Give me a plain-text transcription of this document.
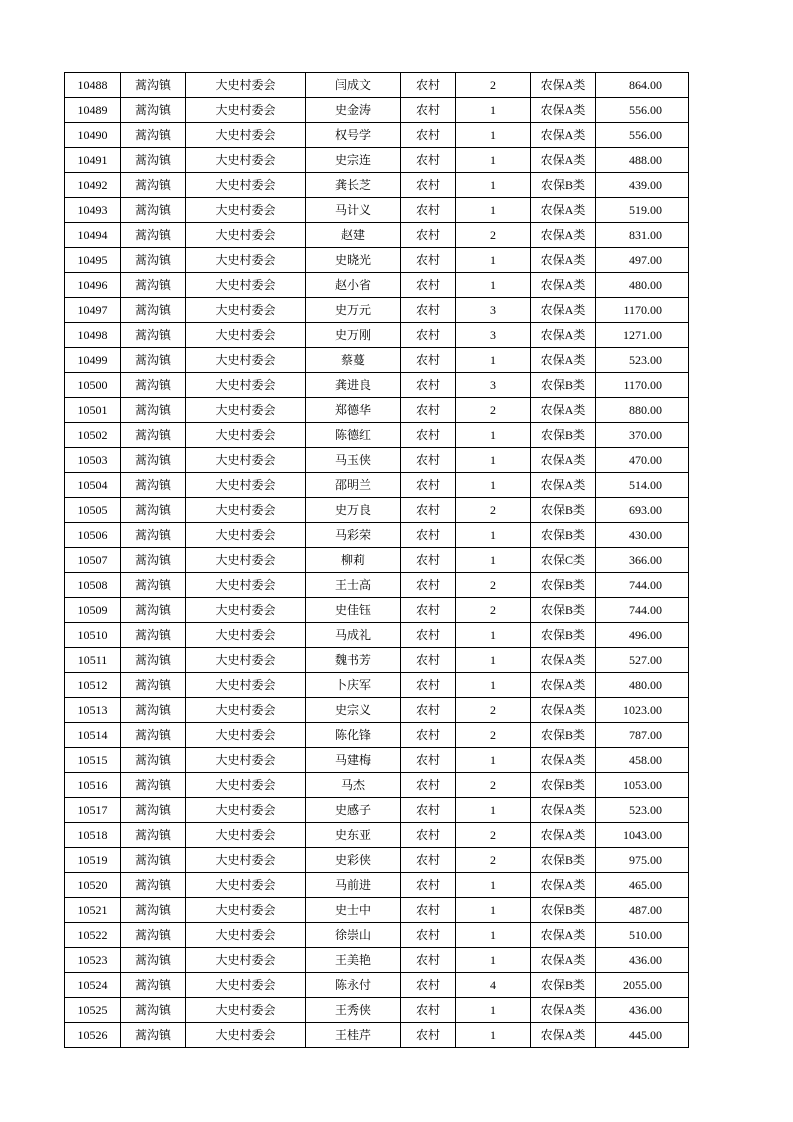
10488	蒿沟镇	大史村委会	闫成文	农村	2	农保A类	864.00
10489	蒿沟镇	大史村委会	史金涛	农村	1	农保A类	556.00
10490	蒿沟镇	大史村委会	权号学	农村	1	农保A类	556.00
10491	蒿沟镇	大史村委会	史宗连	农村	1	农保A类	488.00
10492	蒿沟镇	大史村委会	龚长芝	农村	1	农保B类	439.00
10493	蒿沟镇	大史村委会	马计义	农村	1	农保A类	519.00
10494	蒿沟镇	大史村委会	赵建	农村	2	农保A类	831.00
10495	蒿沟镇	大史村委会	史晓光	农村	1	农保A类	497.00
10496	蒿沟镇	大史村委会	赵小省	农村	1	农保A类	480.00
10497	蒿沟镇	大史村委会	史万元	农村	3	农保A类	1170.00
10498	蒿沟镇	大史村委会	史万刚	农村	3	农保A类	1271.00
10499	蒿沟镇	大史村委会	蔡蔓	农村	1	农保A类	523.00
10500	蒿沟镇	大史村委会	龚进良	农村	3	农保B类	1170.00
10501	蒿沟镇	大史村委会	郑德华	农村	2	农保A类	880.00
10502	蒿沟镇	大史村委会	陈德红	农村	1	农保B类	370.00
10503	蒿沟镇	大史村委会	马玉侠	农村	1	农保A类	470.00
10504	蒿沟镇	大史村委会	邵明兰	农村	1	农保A类	514.00
10505	蒿沟镇	大史村委会	史万良	农村	2	农保B类	693.00
10506	蒿沟镇	大史村委会	马彩荣	农村	1	农保B类	430.00
10507	蒿沟镇	大史村委会	柳莉	农村	1	农保C类	366.00
10508	蒿沟镇	大史村委会	王士高	农村	2	农保B类	744.00
10509	蒿沟镇	大史村委会	史佳钰	农村	2	农保B类	744.00
10510	蒿沟镇	大史村委会	马成礼	农村	1	农保B类	496.00
10511	蒿沟镇	大史村委会	魏书芳	农村	1	农保A类	527.00
10512	蒿沟镇	大史村委会	卜庆军	农村	1	农保A类	480.00
10513	蒿沟镇	大史村委会	史宗义	农村	2	农保A类	1023.00
10514	蒿沟镇	大史村委会	陈化锋	农村	2	农保B类	787.00
10515	蒿沟镇	大史村委会	马建梅	农村	1	农保A类	458.00
10516	蒿沟镇	大史村委会	马杰	农村	2	农保B类	1053.00
10517	蒿沟镇	大史村委会	史感子	农村	1	农保A类	523.00
10518	蒿沟镇	大史村委会	史东亚	农村	2	农保A类	1043.00
10519	蒿沟镇	大史村委会	史彩侠	农村	2	农保B类	975.00
10520	蒿沟镇	大史村委会	马前进	农村	1	农保A类	465.00
10521	蒿沟镇	大史村委会	史士中	农村	1	农保B类	487.00
10522	蒿沟镇	大史村委会	徐崇山	农村	1	农保A类	510.00
10523	蒿沟镇	大史村委会	王美艳	农村	1	农保A类	436.00
10524	蒿沟镇	大史村委会	陈永付	农村	4	农保B类	2055.00
10525	蒿沟镇	大史村委会	王秀侠	农村	1	农保A类	436.00
10526	蒿沟镇	大史村委会	王桂芹	农村	1	农保A类	445.00
